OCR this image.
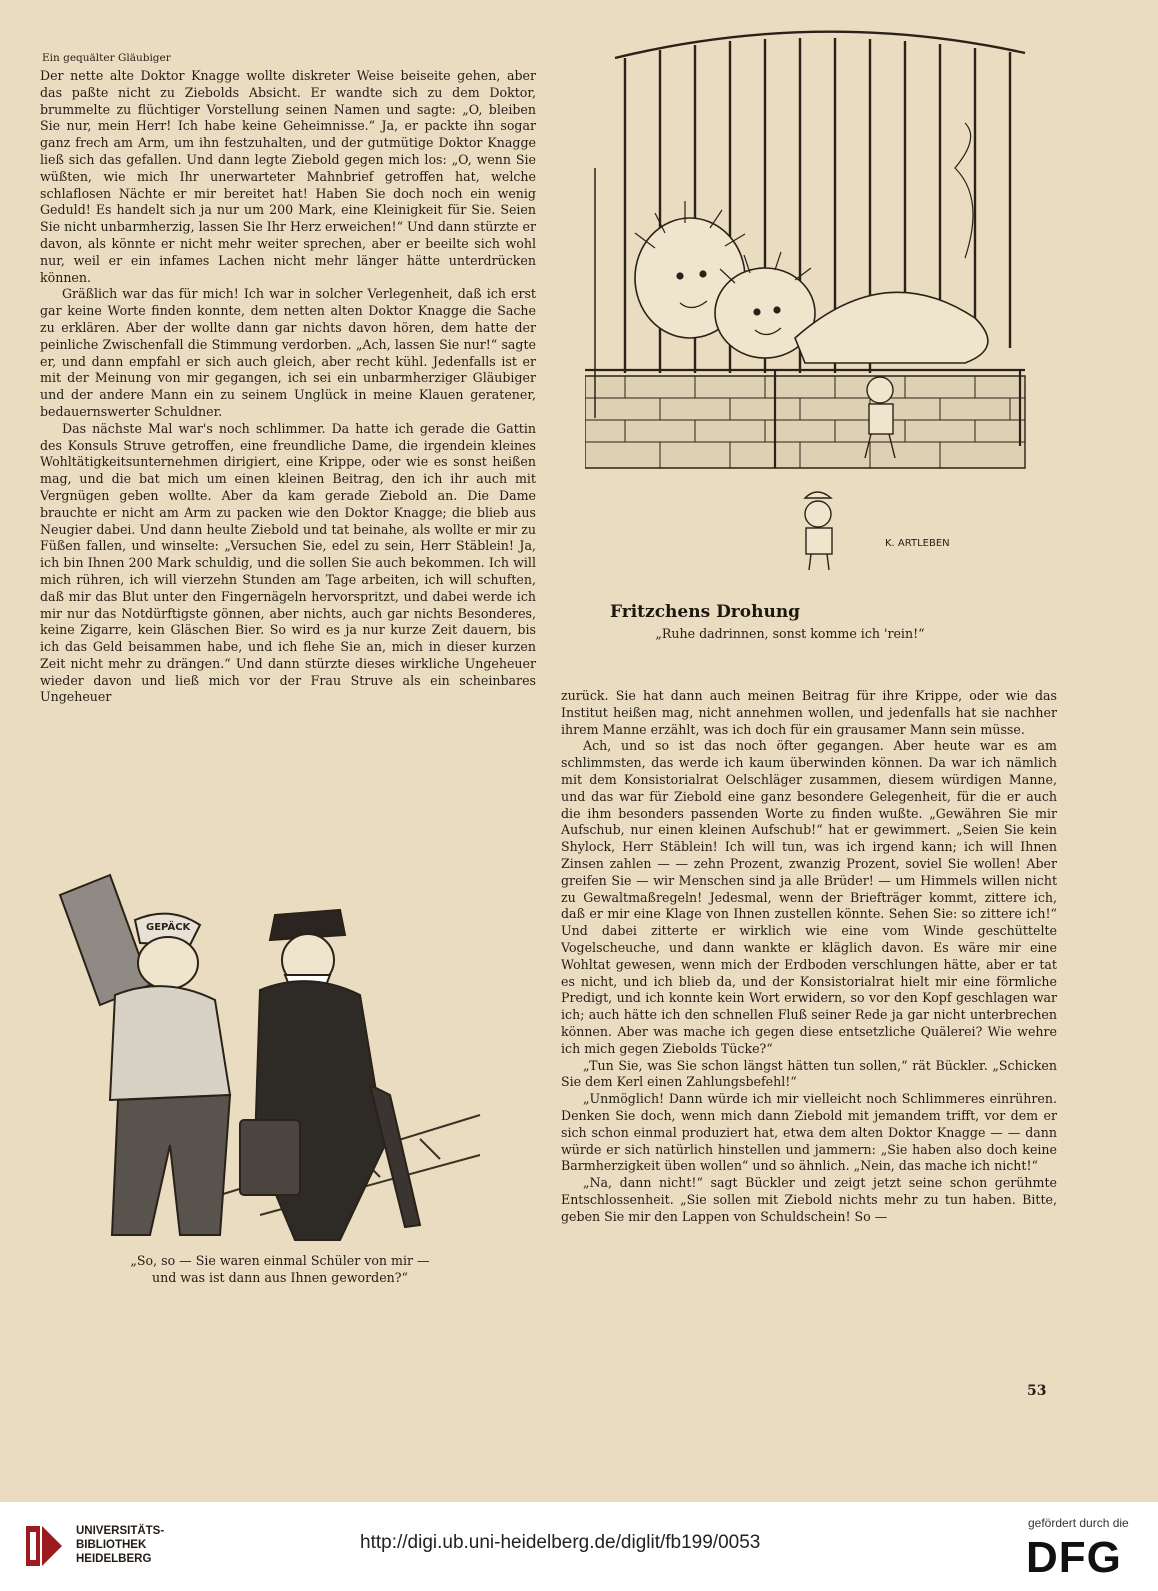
Ein gequälter Gläubiger

Der nette alte Doktor Knagge wollte diskreter Weise beiseite gehen, aber das paßte nicht zu Ziebolds Absicht. Er wandte sich zu dem Doktor, brummelte zu flüchtiger Vorstellung seinen Namen und sagte: „O, bleiben Sie nur, mein Herr! Ich habe keine Geheimnisse.“ Ja, er packte ihn sogar ganz frech am Arm, um ihn festzuhalten, und der gutmütige Doktor Knagge ließ sich das gefallen. Und dann legte Ziebold gegen mich los: „O, wenn Sie wüßten, wie mich Ihr unerwarteter Mahnbrief getroffen hat, welche schlaflosen Nächte er mir bereitet hat! Haben Sie doch noch ein wenig Geduld! Es handelt sich ja nur um 200 Mark, eine Kleinigkeit für Sie. Seien Sie nicht unbarmherzig, lassen Sie Ihr Herz erweichen!“ Und dann stürzte er davon, als könnte er nicht mehr weiter sprechen, aber er beeilte sich wohl nur, weil er ein infames Lachen nicht mehr länger hätte unterdrücken können.

Gräßlich war das für mich! Ich war in solcher Verlegenheit, daß ich erst gar keine Worte finden konnte, dem netten alten Doktor Knagge die Sache zu erklären. Aber der wollte dann gar nichts davon hören, dem hatte der peinliche Zwischenfall die Stimmung verdorben. „Ach, lassen Sie nur!“ sagte er, und dann empfahl er sich auch gleich, aber recht kühl. Jedenfalls ist er mit der Meinung von mir gegangen, ich sei ein unbarmherziger Gläubiger und der andere Mann ein zu seinem Unglück in meine Klauen geratener, bedauernswerter Schuldner.

Das nächste Mal war's noch schlimmer. Da hatte ich gerade die Gattin des Konsuls Struve getroffen, eine freundliche Dame, die irgendein kleines Wohltätigkeitsunternehmen dirigiert, eine Krippe, oder wie es sonst heißen mag, und die bat mich um einen kleinen Beitrag, den ich ihr auch mit Vergnügen geben wollte. Aber da kam gerade Ziebold an. Die Dame brauchte er nicht am Arm zu packen wie den Doktor Knagge; die blieb aus Neugier dabei. Und dann heulte Ziebold und tat beinahe, als wollte er mir zu Füßen fallen, und winselte: „Versuchen Sie, edel zu sein, Herr Stäblein! Ja, ich bin Ihnen 200 Mark schuldig, und die sollen Sie auch bekommen. Ich will mich rühren, ich will vierzehn Stunden am Tage arbeiten, ich will schuften, daß mir das Blut unter den Fingernägeln hervorspritzt, und dabei werde ich mir nur das Notdürftigste gönnen, aber nichts, auch gar nichts Besonderes, keine Zigarre, kein Gläschen Bier. So wird es ja nur kurze Zeit dauern, bis ich das Geld beisammen habe, und ich flehe Sie an, mich in dieser kurzen Zeit nicht mehr zu drängen.“ Und dann stürzte dieses wirkliche Ungeheuer wieder davon und ließ mich vor der Frau Struve als ein scheinbares Ungeheuer

K. ARTLEBEN
Fritzchens Drohung
„Ruhe dadrinnen, sonst komme ich 'rein!“

zurück. Sie hat dann auch meinen Beitrag für ihre Krippe, oder wie das Institut heißen mag, nicht annehmen wollen, und jedenfalls hat sie nachher ihrem Manne erzählt, was ich doch für ein grausamer Mann sein müsse.

Ach, und so ist das noch öfter gegangen. Aber heute war es am schlimmsten, das werde ich kaum überwinden können. Da war ich nämlich mit dem Konsistorialrat Oelschläger zusammen, diesem würdigen Manne, und das war für Ziebold eine ganz besondere Gelegenheit, für die er auch die ihm besonders passenden Worte zu finden wußte. „Gewähren Sie mir Aufschub, nur einen kleinen Aufschub!“ hat er gewimmert. „Seien Sie kein Shylock, Herr Stäblein! Ich will tun, was ich irgend kann; ich will Ihnen Zinsen zahlen — — zehn Prozent, zwanzig Prozent, soviel Sie wollen! Aber greifen Sie — wir Menschen sind ja alle Brüder! — um Himmels willen nicht zu Gewaltmaßregeln! Jedesmal, wenn der Briefträger kommt, zittere ich, daß er mir eine Klage von Ihnen zustellen könnte. Sehen Sie: so zittere ich!“ Und dabei zitterte er wirklich wie eine vom Winde geschüttelte Vogelscheuche, und dann wankte er kläglich davon. Es wäre mir eine Wohltat gewesen, wenn mich der Erdboden verschlungen hätte, aber er tat es nicht, und ich blieb da, und der Konsistorialrat hielt mir eine förmliche Predigt, und ich konnte kein Wort erwidern, so vor den Kopf geschlagen war ich; auch hätte ich den schnellen Fluß seiner Rede ja gar nicht unterbrechen können. Aber was mache ich gegen diese entsetzliche Quälerei? Wie wehre ich mich gegen Ziebolds Tücke?“

„Tun Sie, was Sie schon längst hätten tun sollen,“ rät Bückler. „Schicken Sie dem Kerl einen Zahlungsbefehl!“

„Unmöglich! Dann würde ich mir vielleicht noch Schlimmeres einrühren. Denken Sie doch, wenn mich dann Ziebold mit jemandem trifft, vor dem er sich schon einmal produziert hat, etwa dem alten Doktor Knagge — — dann würde er sich natürlich hinstellen und jammern: „Sie haben also doch keine Barmherzigkeit üben wollen“ und so ähnlich. „Nein, das mache ich nicht!“

„Na, dann nicht!“ sagt Bückler und zeigt jetzt seine schon gerühmte Entschlossenheit. „Sie sollen mit Ziebold nichts mehr zu tun haben. Bitte, geben Sie mir den Lappen von Schuldschein! So —

GEPÄCK
„So, so — Sie waren einmal Schüler von mir —
und was ist dann aus Ihnen geworden?“
53
UNIVERSITÄTS-
BIBLIOTHEK
HEIDELBERG
http://digi.ub.uni-heidelberg.de/diglit/fb199/0053
gefördert durch die
DFG
